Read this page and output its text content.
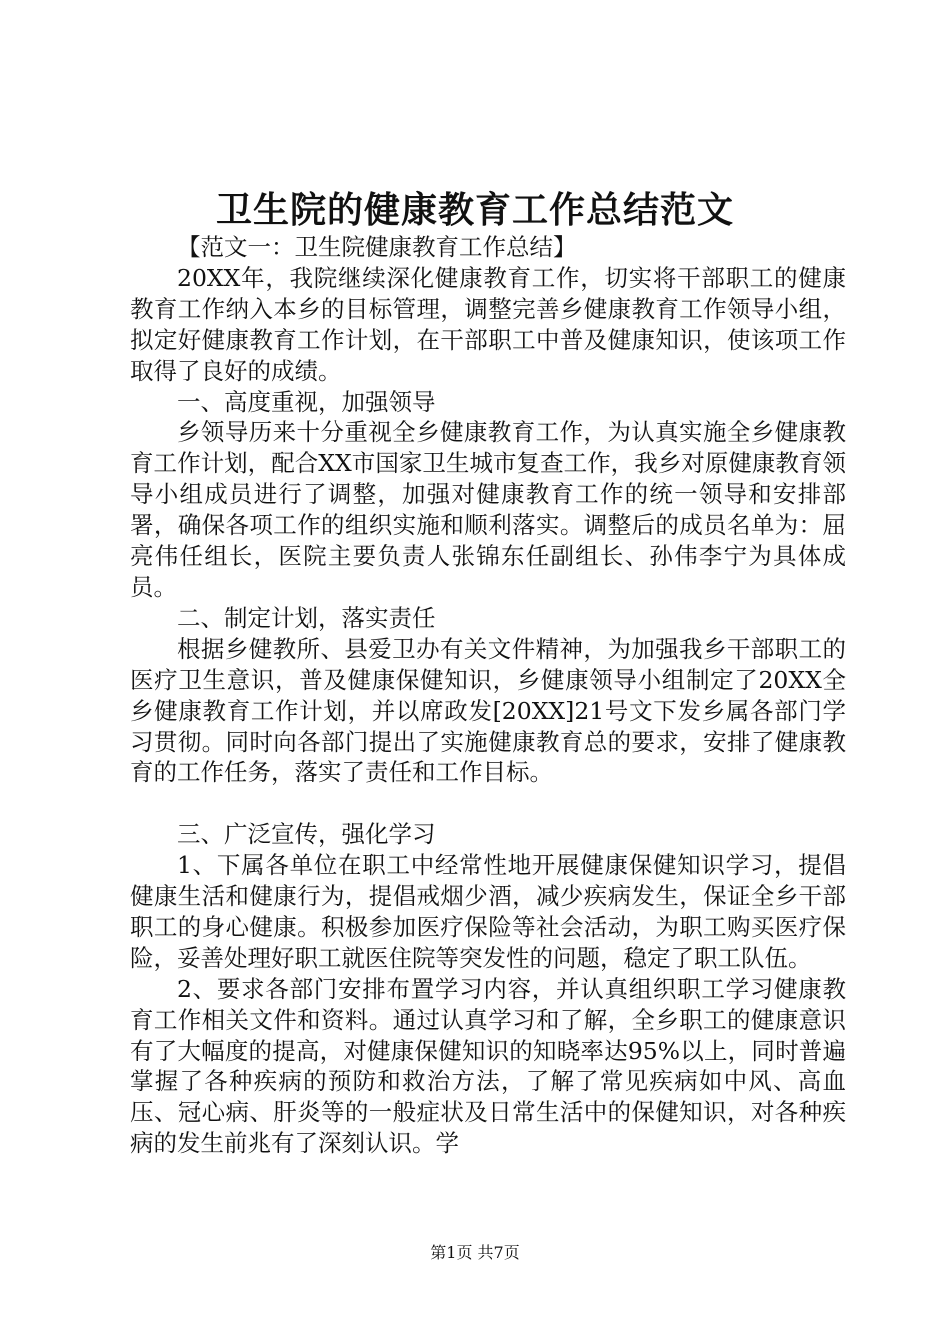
卫生院的健康教育工作总结范文

【范文一：卫生院健康教育工作总结】

20XX年，我院继续深化健康教育工作，切实将干部职工的健康教育工作纳入本乡的目标管理，调整完善乡健康教育工作领导小组，拟定好健康教育工作计划，在干部职工中普及健康知识，使该项工作取得了良好的成绩。

一、高度重视，加强领导

乡领导历来十分重视全乡健康教育工作，为认真实施全乡健康教育工作计划，配合XX市国家卫生城市复查工作，我乡对原健康教育领导小组成员进行了调整，加强对健康教育工作的统一领导和安排部署，确保各项工作的组织实施和顺利落实。调整后的成员名单为：屈亮伟任组长，医院主要负责人张锦东任副组长、孙伟李宁为具体成员。

二、制定计划，落实责任

根据乡健教所、县爱卫办有关文件精神，为加强我乡干部职工的医疗卫生意识，普及健康保健知识，乡健康领导小组制定了20XX全乡健康教育工作计划，并以席政发[20XX]21号文下发乡属各部门学习贯彻。同时向各部门提出了实施健康教育总的要求，安排了健康教育的工作任务，落实了责任和工作目标。

三、广泛宣传，强化学习

1、下属各单位在职工中经常性地开展健康保健知识学习，提倡健康生活和健康行为，提倡戒烟少酒，减少疾病发生，保证全乡干部职工的身心健康。积极参加医疗保险等社会活动，为职工购买医疗保险，妥善处理好职工就医住院等突发性的问题，稳定了职工队伍。

2、要求各部门安排布置学习内容，并认真组织职工学习健康教育工作相关文件和资料。通过认真学习和了解，全乡职工的健康意识有了大幅度的提高，对健康保健知识的知晓率达95%以上，同时普遍掌握了各种疾病的预防和救治方法，了解了常见疾病如中风、高血压、冠心病、肝炎等的一般症状及日常生活中的保健知识，对各种疾病的发生前兆有了深刻认识。学

第1页 共7页
